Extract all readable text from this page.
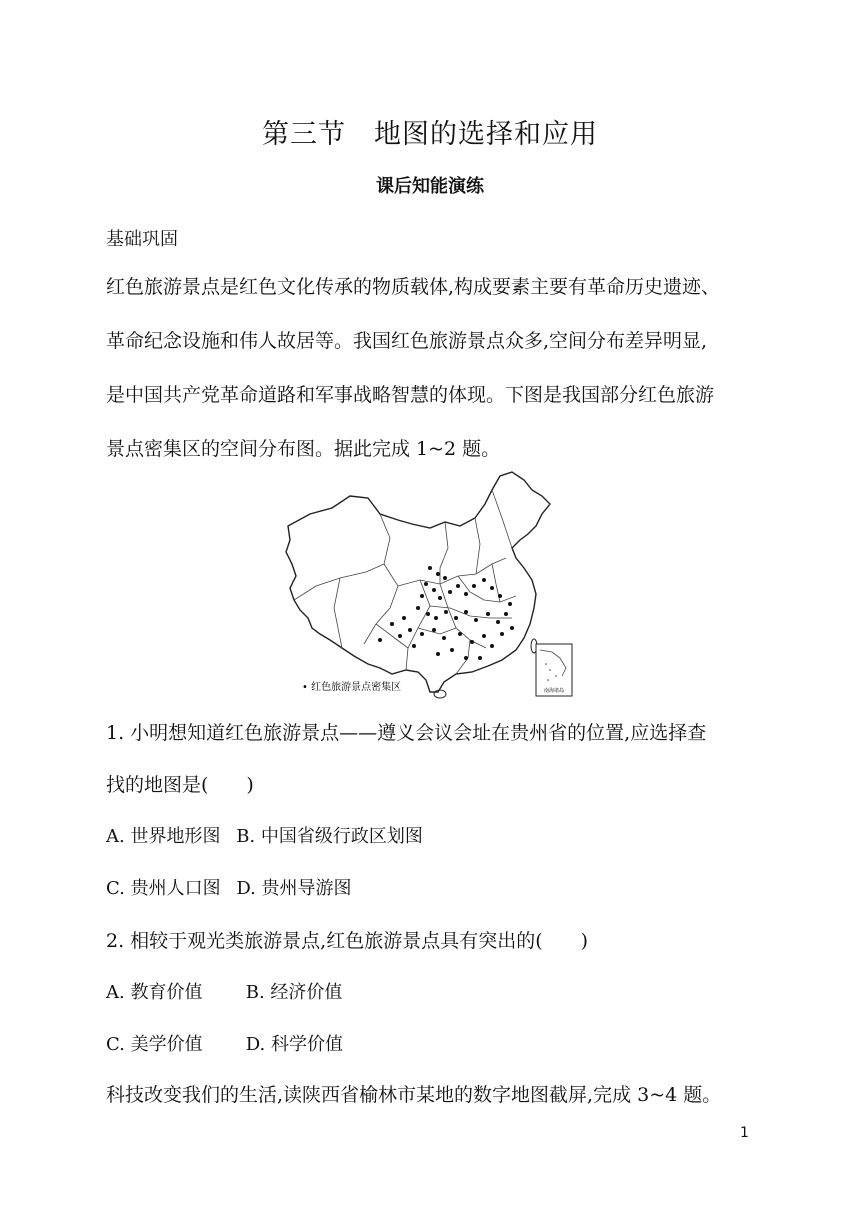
第三节　地图的选择和应用
课后知能演练
基础巩固
红色旅游景点是红色文化传承的物质载体,构成要素主要有革命历史遗迹、
革命纪念设施和伟人故居等。我国红色旅游景点众多,空间分布差异明显,
是中国共产党革命道路和军事战略智慧的体现。下图是我国部分红色旅游
景点密集区的空间分布图。据此完成 1~2 题。
南海诸岛
• 红色旅游景点密集区
1. 小明想知道红色旅游景点——遵义会议会址在贵州省的位置,应选择查
找的地图是(　　)
A. 世界地形图 B. 中国省级行政区划图
C. 贵州人口图 D. 贵州导游图
2. 相较于观光类旅游景点,红色旅游景点具有突出的(　　)
A. 教育价值 B. 经济价值
C. 美学价值 D. 科学价值
科技改变我们的生活,读陕西省榆林市某地的数字地图截屏,完成 3~4 题。
1
